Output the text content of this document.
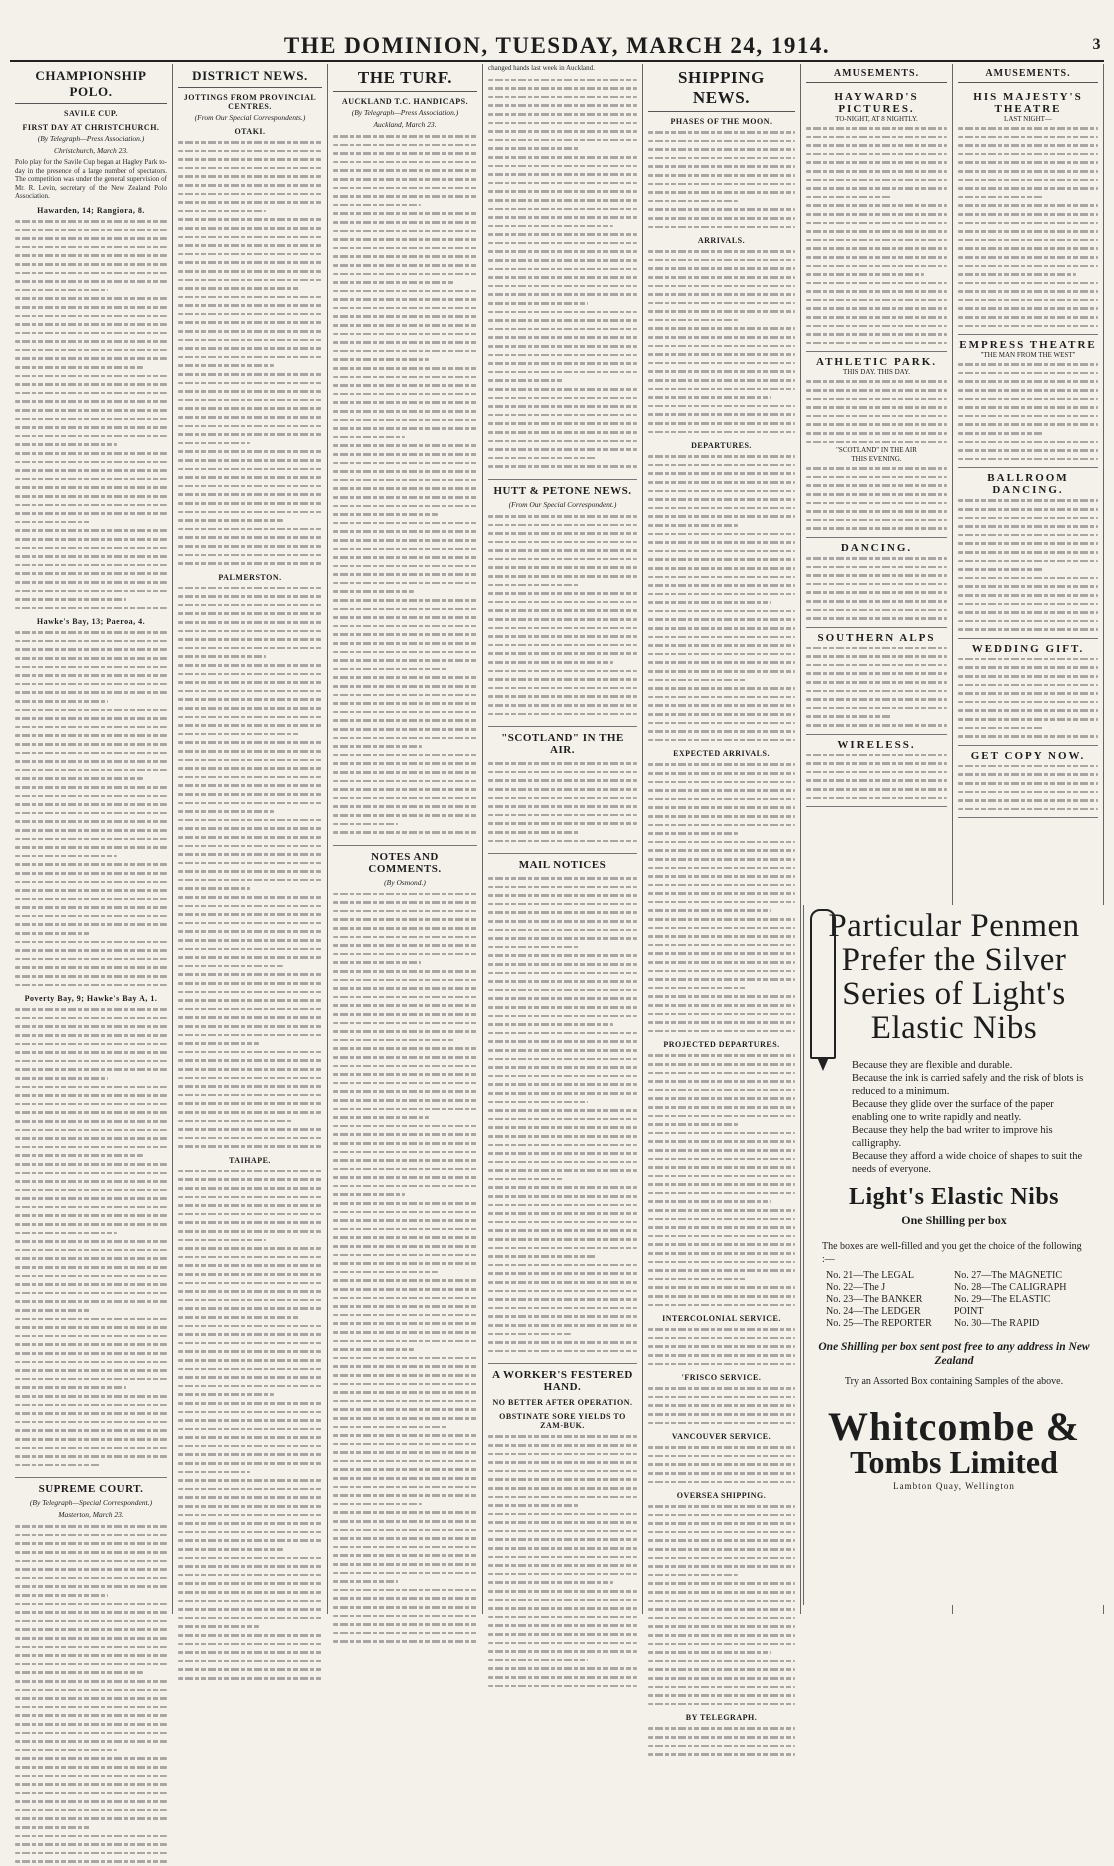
THE DOMINION, TUESDAY, MARCH 24, 1914.	3
CHAMPIONSHIP POLO.
SAVILE CUP.
FIRST DAY AT CHRISTCHURCH.
(By Telegraph—Press Association.)
Christchurch, March 23.
Polo play for the Savile Cup began at Hagley Park to-day in the presence of a large number of spectators. The competition was under the general supervision of Mr. R. Levin, secretary of the New Zealand Polo Association.
Hawarden, 14; Rangiora, 8.
Hawke's Bay, 13; Paeroa, 4.
Poverty Bay, 9; Hawke's Bay A, 1.
SUPREME COURT.
(By Telegraph—Special Correspondent.)
Masterton, March 23.
DISTRICT NEWS.
JOTTINGS FROM PROVINCIAL CENTRES.
(From Our Special Correspondents.)
OTAKI.
PALMERSTON.
TAIHAPE.
THE TURF.
AUCKLAND T.C. HANDICAPS.
(By Telegraph—Press Association.)
Auckland, March 23.
NOTES AND COMMENTS.
(By Osmond.)
changed hands last week in Auckland.
HUTT & PETONE NEWS.
(From Our Special Correspondent.)
"SCOTLAND" IN THE AIR.
MAIL NOTICES
A WORKER'S FESTERED HAND.
NO BETTER AFTER OPERATION.
OBSTINATE SORE YIELDS TO ZAM-BUK.
SHIPPING NEWS.
PHASES OF THE MOON.
ARRIVALS.
DEPARTURES.
EXPECTED ARRIVALS.
PROJECTED DEPARTURES.
INTERCOLONIAL SERVICE.
'FRISCO SERVICE.
VANCOUVER SERVICE.
OVERSEA SHIPPING.
BY TELEGRAPH.
AMUSEMENTS.
HAYWARD'S PICTURES.
TO-NIGHT, AT 8 NIGHTLY.
ATHLETIC PARK.
THIS DAY. THIS DAY.
"SCOTLAND" IN THE AIR
THIS EVENING.
DANCING.
SOUTHERN ALPS
WIRELESS.
AMUSEMENTS.
HIS MAJESTY'S THEATRE
LAST NIGHT—
EMPRESS THEATRE
"THE MAN FROM THE WEST"
BALLROOM DANCING.
WEDDING GIFT.
GET COPY NOW.
Particular Penmen
Prefer the Silver
Series of Light's
Elastic Nibs
Because they are flexible and durable.
Because the ink is carried safely and the risk of blots is reduced to a minimum.
Because they glide over the surface of the paper enabling one to write rapidly and neatly.
Because they help the bad writer to improve his calligraphy.
Because they afford a wide choice of shapes to suit the needs of everyone.
Light's Elastic Nibs
One Shilling per box
The boxes are well-filled and you get the choice of the following :—
No. 21—The LEGAL	No. 27—The MAGNETIC
No. 22—The J	No. 28—The CALIGRAPH
No. 23—The BANKER	No. 29—The ELASTIC
No. 24—The LEDGER	POINT
No. 25—The REPORTER	No. 30—The RAPID
One Shilling per box sent post free to any address in New Zealand
Try an Assorted Box containing Samples of the above.
Whitcombe &
Tombs Limited
Lambton Quay, Wellington
